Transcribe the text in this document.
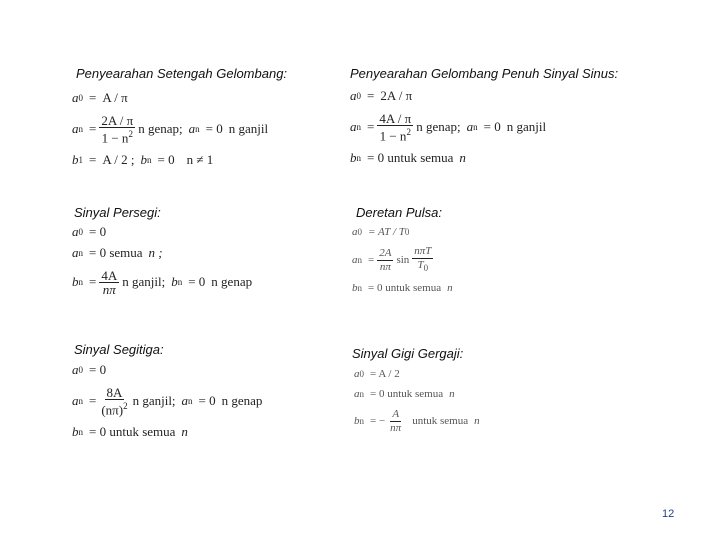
Penyearahan Setengah Gelombang:
a 0 = A / π
a $n = \frac{2A / \pi}{1 - n^2}$ n genap; a n = 0 n ganjil
b 1 = A / 2 ; b n = 0 n ≠ 1
Penyearahan Gelombang Penuh Sinyal Sinus:
a 0 = 2A / π
a $n = \frac{4A / \pi}{1 - n^2}$ n genap; a n = 0 n ganjil
b n = 0 untuk semua n
Sinyal Persegi:
a 0 = 0
a n = 0 semua n ;
b $n = \frac{4A}{n\pi}$ n ganjil; b n = 0 n genap
Deretan Pulsa:
a 0 = AT / T 0
a $n = \frac{2A}{n\pi}$ $\sin \frac{\text{nπT}}{T_0}$
b n = 0 untuk semua n
Sinyal Segitiga:
a 0 = 0
a $n = \frac{8A}{(n\pi)^2}$ n ganjil; a n = 0 n genap
b n = 0 untuk semua n
Sinyal Gigi Gergaji:
a 0 = A / 2
a n = 0 untuk semua n
b n = − $\frac{A}{n\pi}$ untuk semua n
12
